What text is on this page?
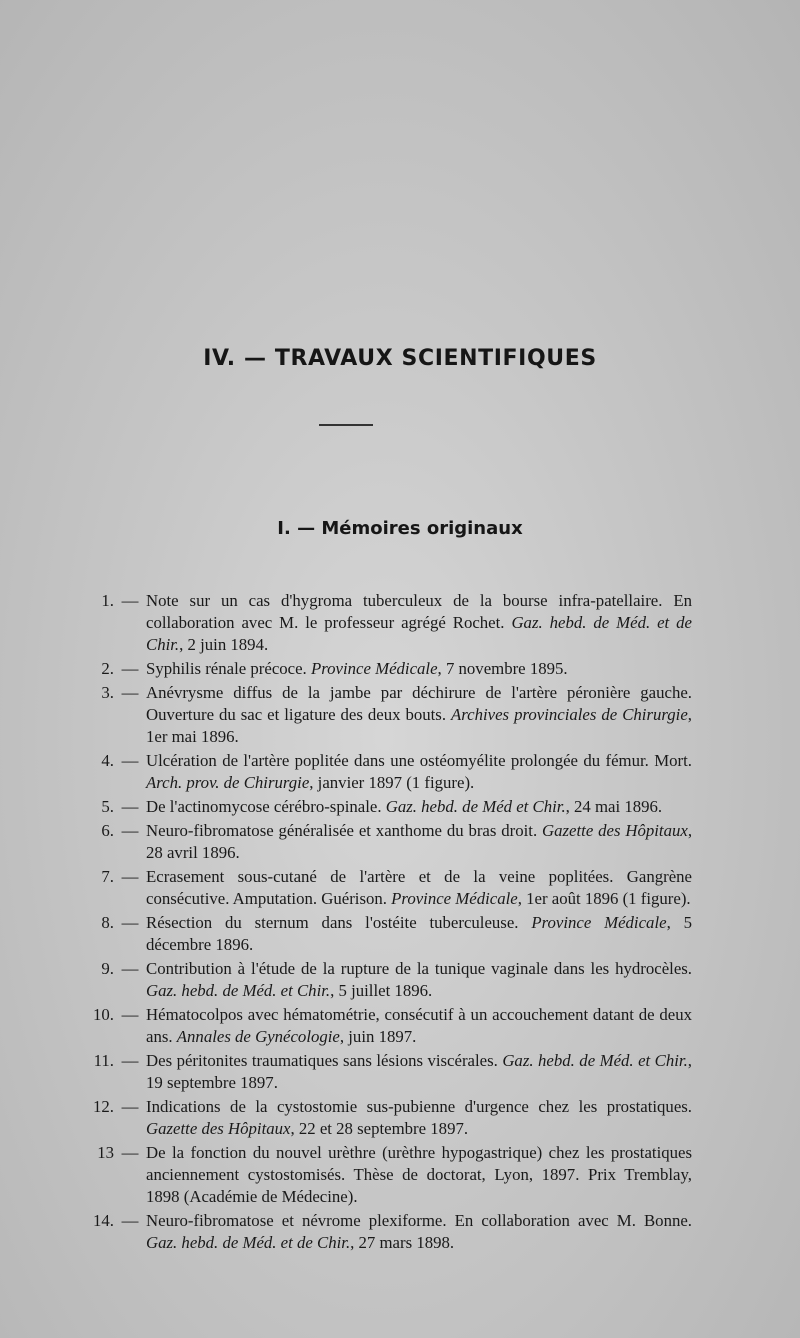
IV. — TRAVAUX SCIENTIFIQUES
I. — Mémoires originaux
1. — Note sur un cas d'hygroma tuberculeux de la bourse infra-patellaire. En collaboration avec M. le professeur agrégé Rochet. Gaz. hebd. de Méd. et de Chir., 2 juin 1894.
2. — Syphilis rénale précoce. Province Médicale, 7 novembre 1895.
3. — Anévrysme diffus de la jambe par déchirure de l'artère péronière gauche. Ouverture du sac et ligature des deux bouts. Archives provinciales de Chirurgie, 1er mai 1896.
4. — Ulcération de l'artère poplitée dans une ostéomyélite prolongée du fémur. Mort. Arch. prov. de Chirurgie, janvier 1897 (1 figure).
5. — De l'actinomycose cérébro-spinale. Gaz. hebd. de Méd et Chir., 24 mai 1896.
6. — Neuro-fibromatose généralisée et xanthome du bras droit. Gazette des Hôpitaux, 28 avril 1896.
7. — Ecrasement sous-cutané de l'artère et de la veine poplitées. Gangrène consécutive. Amputation. Guérison. Province Médicale, 1er août 1896 (1 figure).
8. — Résection du sternum dans l'ostéite tuberculeuse. Province Médicale, 5 décembre 1896.
9. — Contribution à l'étude de la rupture de la tunique vaginale dans les hydrocèles. Gaz. hebd. de Méd. et Chir., 5 juillet 1896.
10. — Hématocolpos avec hématométrie, consécutif à un accouchement datant de deux ans. Annales de Gynécologie, juin 1897.
11. — Des péritonites traumatiques sans lésions viscérales. Gaz. hebd. de Méd. et Chir., 19 septembre 1897.
12. — Indications de la cystostomie sus-pubienne d'urgence chez les prostatiques. Gazette des Hôpitaux, 22 et 28 septembre 1897.
13 — De la fonction du nouvel urèthre (urèthre hypogastrique) chez les prostatiques anciennement cystostomisés. Thèse de doctorat, Lyon, 1897. Prix Tremblay, 1898 (Académie de Médecine).
14. — Neuro-fibromatose et névrome plexiforme. En collaboration avec M. Bonne. Gaz. hebd. de Méd. et de Chir., 27 mars 1898.
